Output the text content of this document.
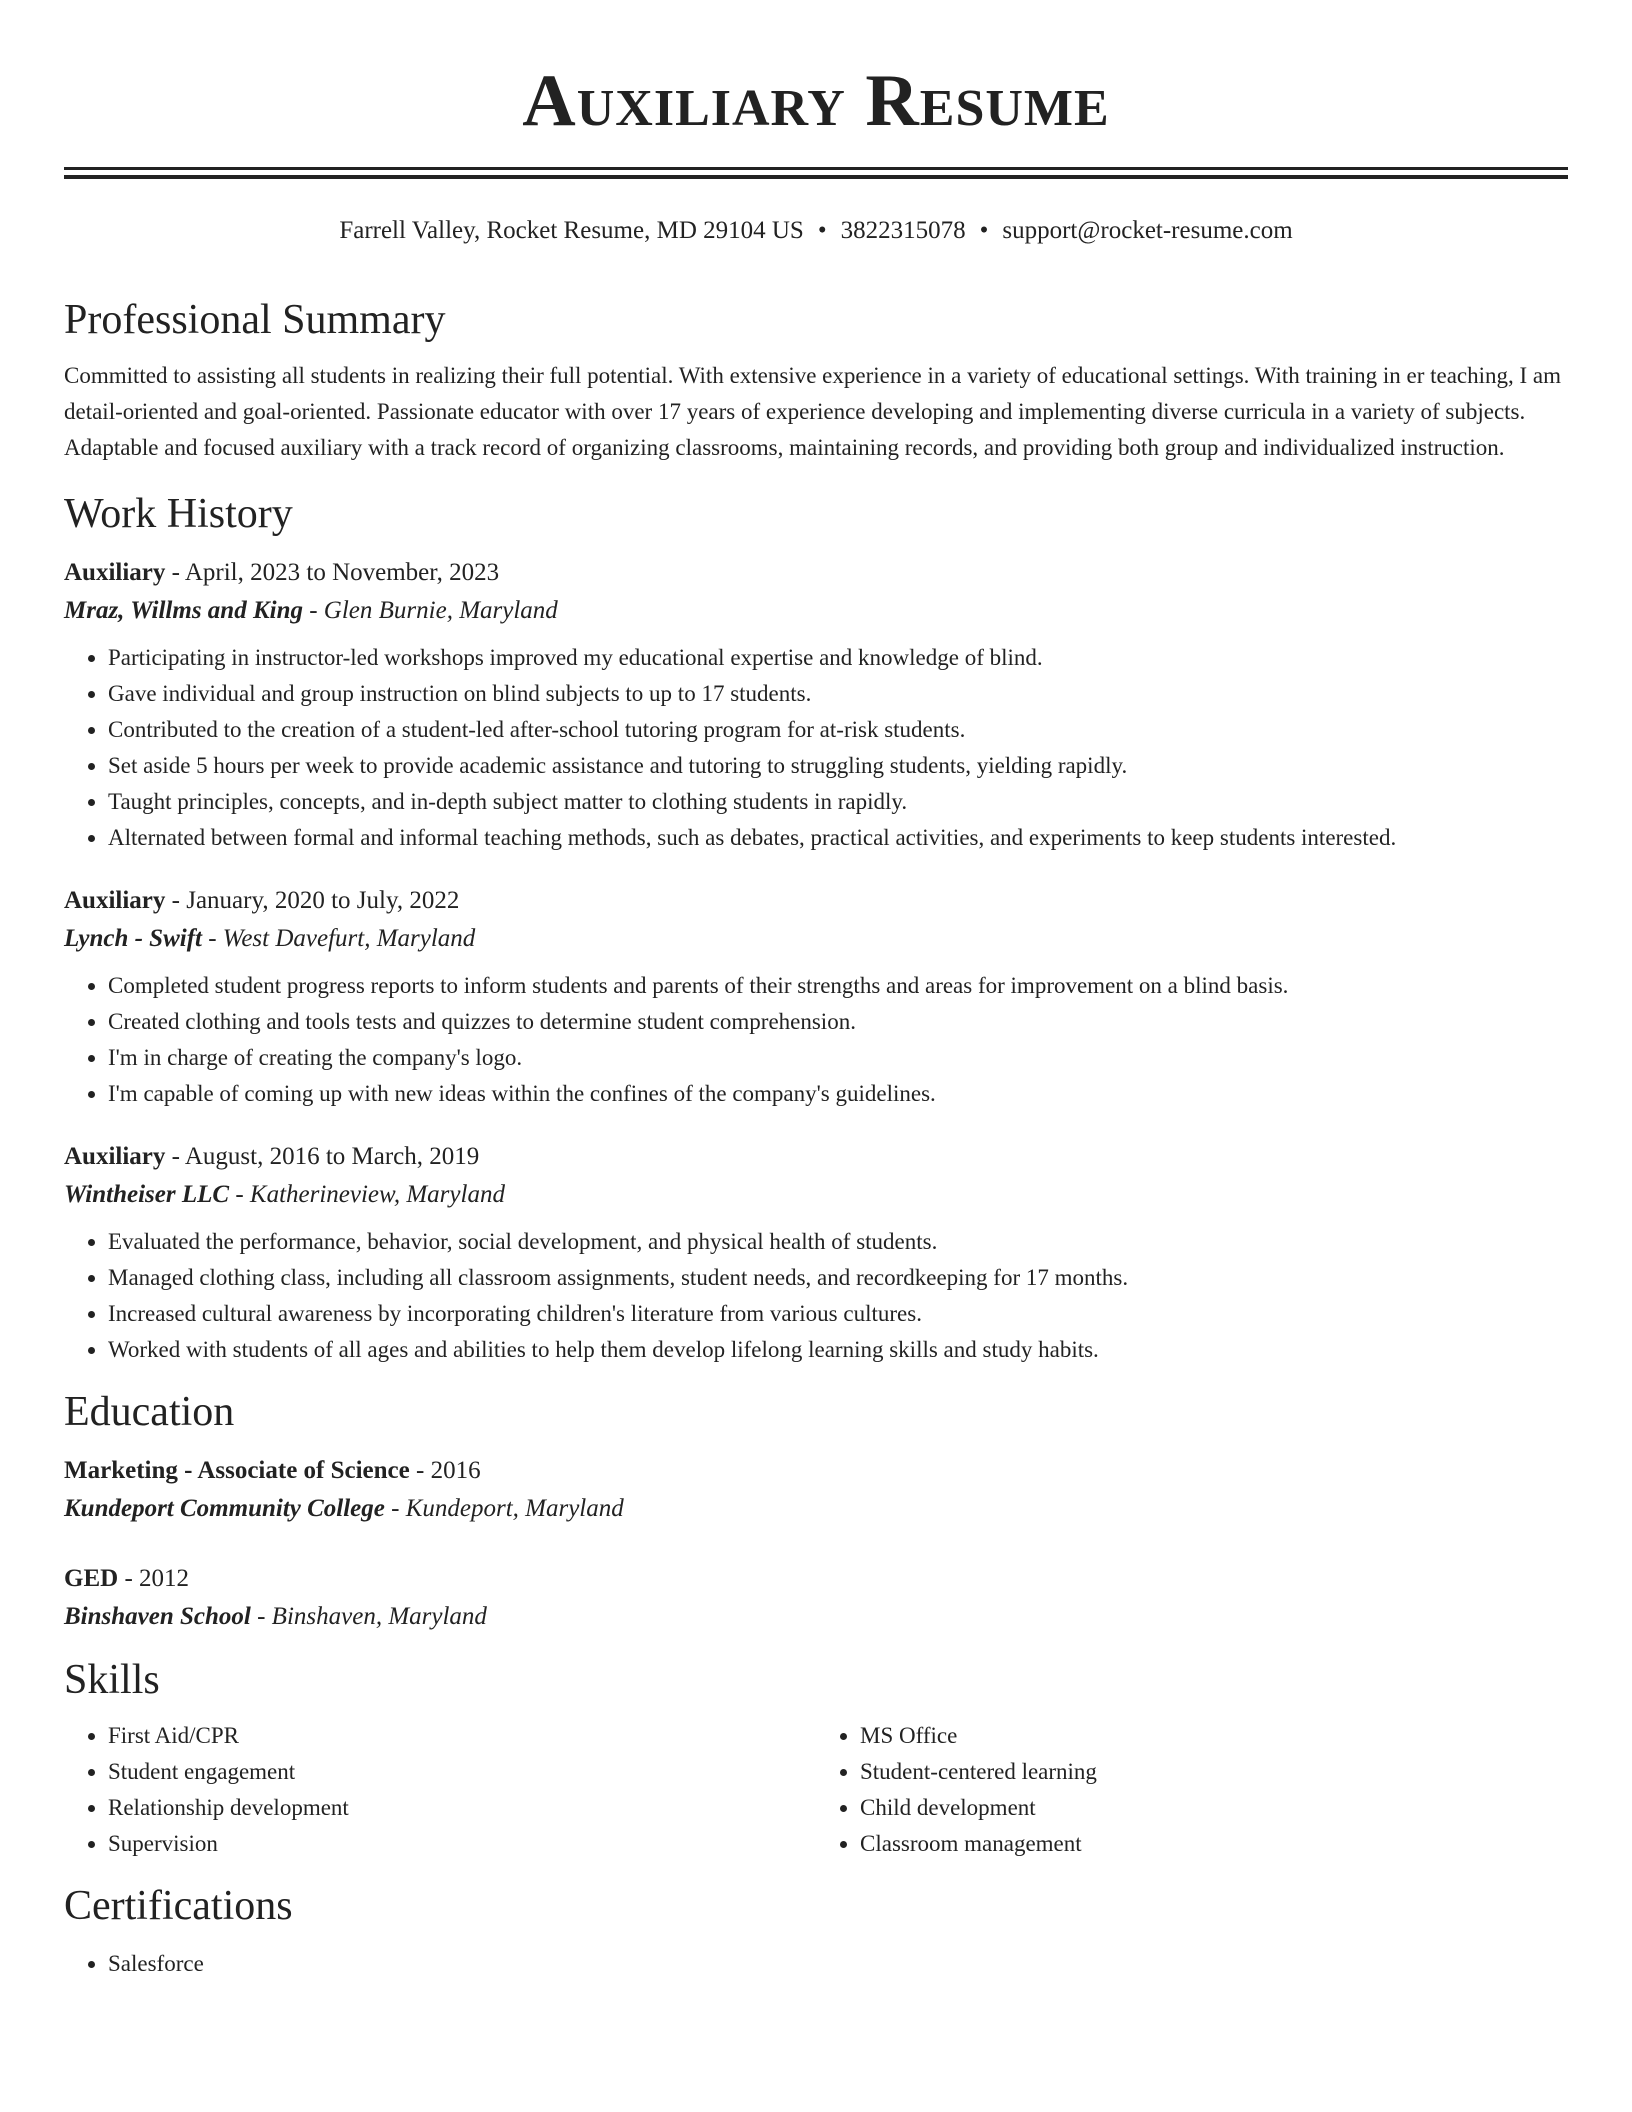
Auxiliary Resume
Farrell Valley, Rocket Resume, MD 29104 US • 3822315078 • support@rocket-resume.com
Professional Summary

Committed to assisting all students in realizing their full potential. With extensive experience in a variety of educational settings. With training in er teaching, I am detail-oriented and goal-oriented. Passionate educator with over 17 years of experience developing and implementing diverse curricula in a variety of subjects. Adaptable and focused auxiliary with a track record of organizing classrooms, maintaining records, and providing both group and individualized instruction.

Work History

Auxiliary - April, 2023 to November, 2023

Mraz, Willms and King - Glen Burnie, Maryland

• Participating in instructor-led workshops improved my educational expertise and knowledge of blind.
• Gave individual and group instruction on blind subjects to up to 17 students.
• Contributed to the creation of a student-led after-school tutoring program for at-risk students.
• Set aside 5 hours per week to provide academic assistance and tutoring to struggling students, yielding rapidly.
• Taught principles, concepts, and in-depth subject matter to clothing students in rapidly.
• Alternated between formal and informal teaching methods, such as debates, practical activities, and experiments to keep students interested.

Auxiliary - January, 2020 to July, 2022

Lynch - Swift - West Davefurt, Maryland

• Completed student progress reports to inform students and parents of their strengths and areas for improvement on a blind basis.
• Created clothing and tools tests and quizzes to determine student comprehension.
• I'm in charge of creating the company's logo.
• I'm capable of coming up with new ideas within the confines of the company's guidelines.

Auxiliary - August, 2016 to March, 2019

Wintheiser LLC - Katherineview, Maryland

• Evaluated the performance, behavior, social development, and physical health of students.
• Managed clothing class, including all classroom assignments, student needs, and recordkeeping for 17 months.
• Increased cultural awareness by incorporating children's literature from various cultures.
• Worked with students of all ages and abilities to help them develop lifelong learning skills and study habits.
Education

Marketing - Associate of Science - 2016

Kundeport Community College - Kundeport, Maryland

GED - 2012

Binshaven School - Binshaven, Maryland

Skills
• First Aid/CPR
• Student engagement
• Relationship development
• Supervision
• MS Office
• Student-centered learning
• Child development
• Classroom management
Certifications
• Salesforce
